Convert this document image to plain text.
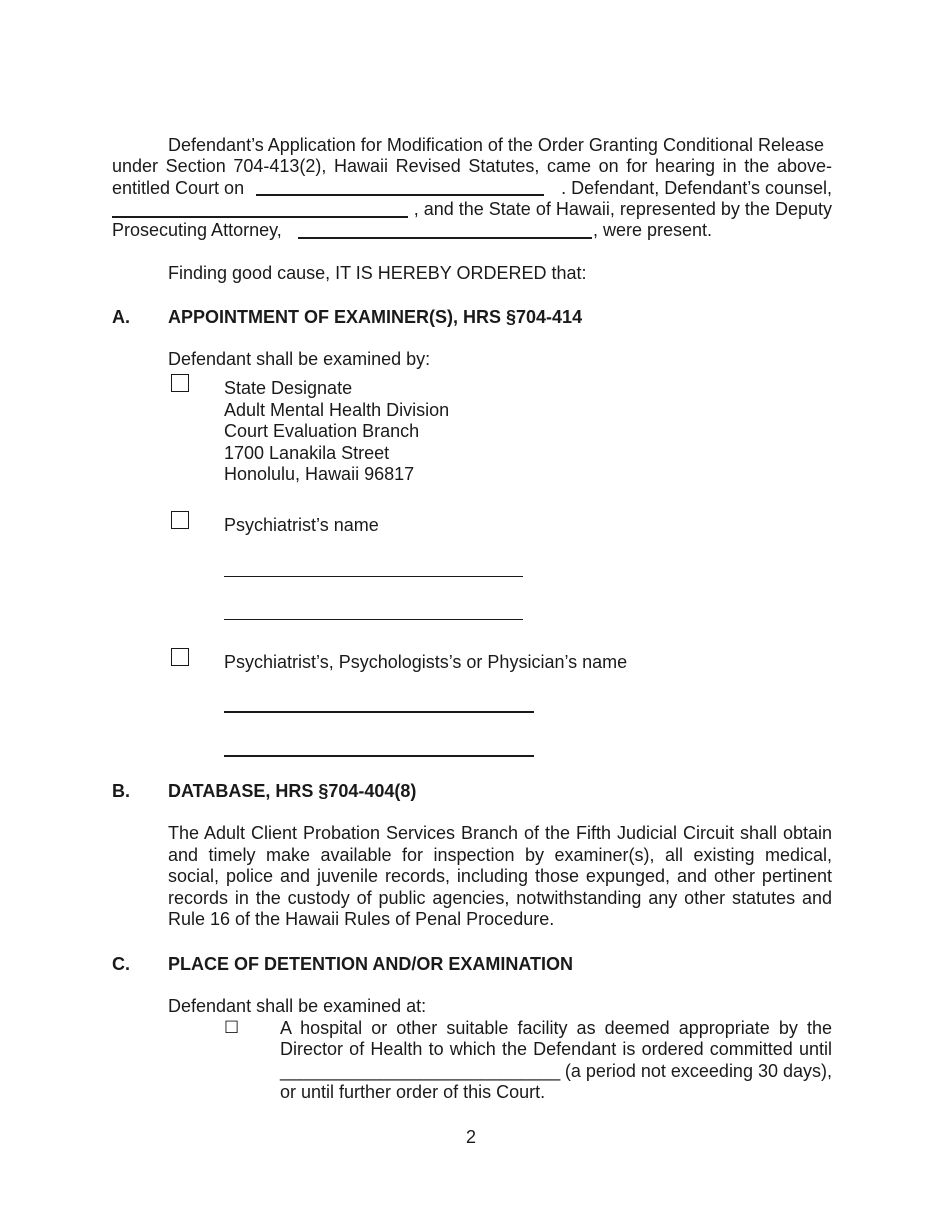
Defendant’s Application for Modification of the Order Granting Conditional Release
under Section 704-413(2), Hawaii Revised Statutes, came on for hearing in the above-
entitled Court on	. Defendant, Defendant’s counsel,
, and the State of Hawaii, represented by the Deputy
Prosecuting Attorney,	, were present.
Finding good cause, IT IS HEREBY ORDERED that:
A. APPOINTMENT OF EXAMINER(S), HRS §704-414
Defendant shall be examined by:
State Designate
Adult Mental Health Division
Court Evaluation Branch
1700 Lanakila Street
Honolulu, Hawaii 96817
Psychiatrist’s name
Psychiatrist’s, Psychologists’s or Physician’s name
B. DATABASE, HRS §704-404(8)
The Adult Client Probation Services Branch of the Fifth Judicial Circuit shall obtain and timely make available for inspection by examiner(s), all existing medical, social, police and juvenile records, including those expunged, and other pertinent records in the custody of public agencies, notwithstanding any other statutes and Rule 16 of the Hawaii Rules of Penal Procedure.
C. PLACE OF DETENTION AND/OR EXAMINATION
Defendant shall be examined at:
☐ A hospital or other suitable facility as deemed appropriate by the
Director of Health to which the Defendant is ordered committed until
____________________________ (a period not exceeding 30 days),
or until further order of this Court.
2
